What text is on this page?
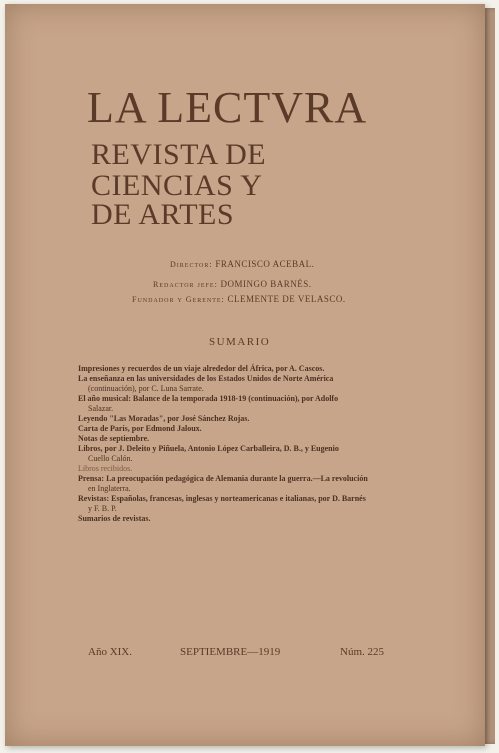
LA LECTVRA
REVISTA DE
CIENCIAS Y
DE ARTES
Director: FRANCISCO ACEBAL.
Redactor jefe: DOMINGO BARNÉS.
Fundador y Gerente: CLEMENTE DE VELASCO.
SUMARIO

Impresiones y recuerdos de un viaje alrededor del África, por A. Cascos.

La enseñanza en las universidades de los Estados Unidos de Norte América

(continuación), por C. Luna Sarrate.

El año musical: Balance de la temporada 1918-19 (continuación), por Adolfo

Salazar.

Leyendo "Las Moradas", por José Sánchez Rojas.

Carta de París, por Edmond Jaloux.

Notas de septiembre.

Libros, por J. Deleito y Piñuela, Antonio López Carballeira, D. B., y Eugenio

Cuello Calón.

Libros recibidos.

Prensa: La preocupación pedagógica de Alemania durante la guerra.—La revolución

en Inglaterra.

Revistas: Españolas, francesas, inglesas y norteamericanas e italianas, por D. Barnés

y F. B. P.

Sumarios de revistas.

Año XIX.	SEPTIEMBRE—1919	Núm. 225
